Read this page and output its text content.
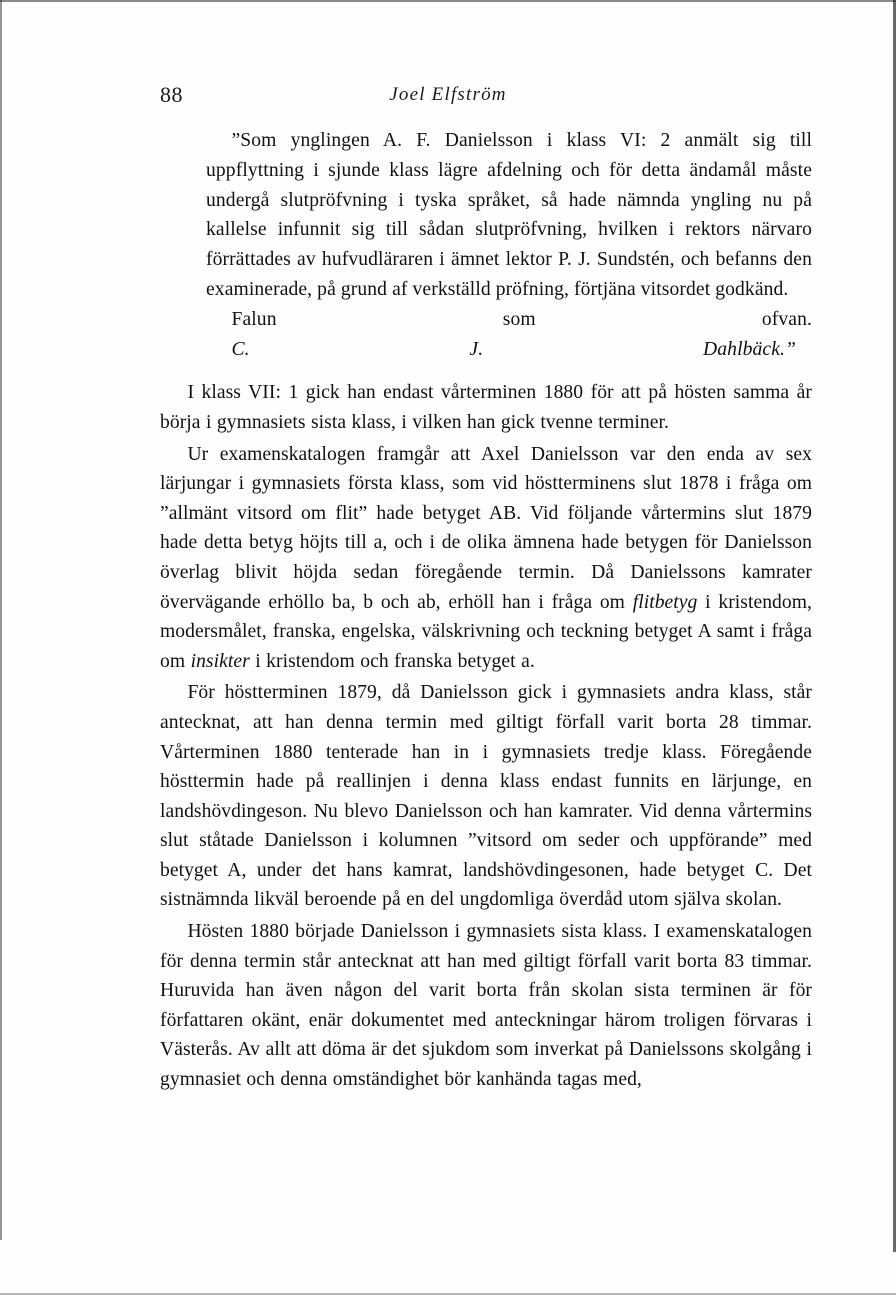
88	Joel Elfström

”Som ynglingen A. F. Danielsson i klass VI: 2 anmält sig till uppflyttning i sjunde klass lägre afdelning och för detta ändamål måste undergå slutpröfvning i tyska språket, så hade nämnda yngling nu på kallelse infunnit sig till sådan slutpröfvning, hvilken i rektors närvaro förrättades av hufvudläraren i ämnet lektor P. J. Sundstén, och befanns den examinerade, på grund af verkställd pröfning, förtjäna vitsordet godkänd.

Falun som ofvan.

C. J. Dahlbäck.”

I klass VII: 1 gick han endast vårterminen 1880 för att på hösten samma år börja i gymnasiets sista klass, i vilken han gick tvenne terminer.

Ur examenskatalogen framgår att Axel Danielsson var den enda av sex lärjungar i gymnasiets första klass, som vid höstterminens slut 1878 i fråga om ”allmänt vitsord om flit” hade betyget AB. Vid följande vårtermins slut 1879 hade detta betyg höjts till a, och i de olika ämnena hade betygen för Danielsson överlag blivit höjda sedan föregående termin. Då Danielssons kamrater övervägande erhöllo ba, b och ab, erhöll han i fråga om flitbetyg i kristendom, modersmålet, franska, engelska, välskrivning och teckning betyget A samt i fråga om insikter i kristendom och franska betyget a.

För höstterminen 1879, då Danielsson gick i gymnasiets andra klass, står antecknat, att han denna termin med giltigt förfall varit borta 28 timmar. Vårterminen 1880 tenterade han in i gymnasiets tredje klass. Föregående hösttermin hade på reallinjen i denna klass endast funnits en lärjunge, en landshövdingeson. Nu blevo Danielsson och han kamrater. Vid denna vårtermins slut ståtade Danielsson i kolumnen ”vitsord om seder och uppförande” med betyget A, under det hans kamrat, landshövdingesonen, hade betyget C. Det sistnämnda likväl beroende på en del ungdomliga överdåd utom själva skolan.

Hösten 1880 började Danielsson i gymnasiets sista klass. I examenskatalogen för denna termin står antecknat att han med giltigt förfall varit borta 83 timmar. Huruvida han även någon del varit borta från skolan sista terminen är för författaren okänt, enär dokumentet med anteckningar härom troligen förvaras i Västerås. Av allt att döma är det sjukdom som inverkat på Danielssons skolgång i gymnasiet och denna omständighet bör kanhända tagas med,
